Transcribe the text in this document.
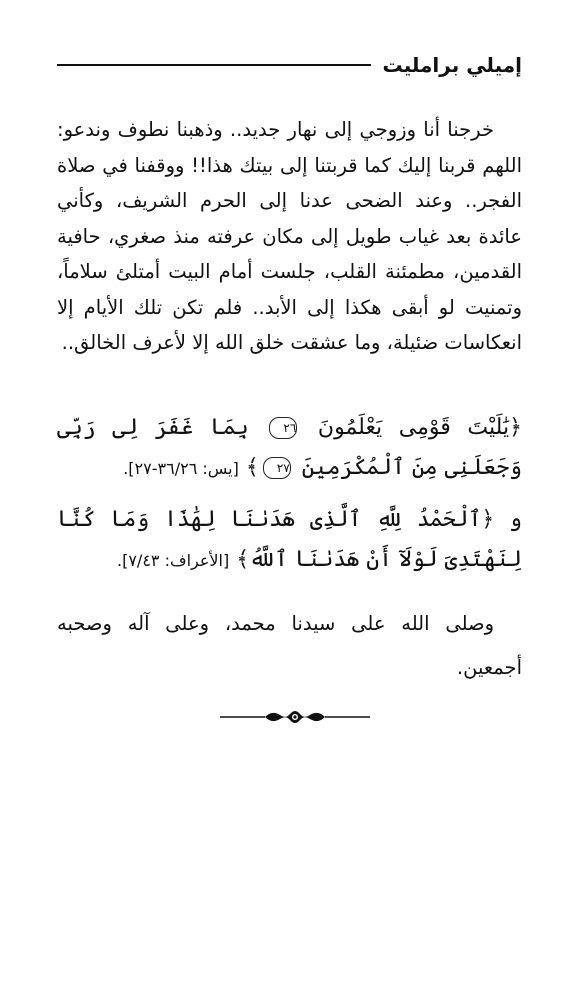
إميلي برامليت
خرجنا أنا وزوجي إلى نهار جديد.. وذهبنا نطوف وندعو: اللهم قربنا إليك كما قربتنا إلى بيتك هذا!! ووقفنا في صلاة الفجر.. وعند الضحى عدنا إلى الحرم الشريف، وكأني عائدة بعد غياب طويل إلى مكان عرفته منذ صغري، حافية القدمين، مطمئنة القلب، جلست أمام البيت أمتلئ سلاماً، وتمنيت لو أبقى هكذا إلى الأبد.. فلم تكن تلك الأيام إلا انعكاسات ضئيلة، وما عشقت خلق الله إلا لأعرف الخالق..
﴿يَٰلَيْتَ قَوْمِى يَعْلَمُونَ ٢٦ بِمَا غَفَرَ لِى رَبِّى وَجَعَلَنِى مِنَ ٱلْمُكْرَمِينَ ٢٧﴾ [يس: ٣٦/٢٦-٢٧].
و ﴿ٱلْحَمْدُ لِلَّهِ ٱلَّذِى هَدَىٰنَا لِهَٰذَا وَمَا كُنَّا لِنَهْتَدِىَ لَوْلَآ أَنْ هَدَىٰنَا ٱللَّهُ﴾ [الأعراف: ٧/٤٣].
وصلى الله على سيدنا محمد، وعلى آله وصحبه أجمعين.
